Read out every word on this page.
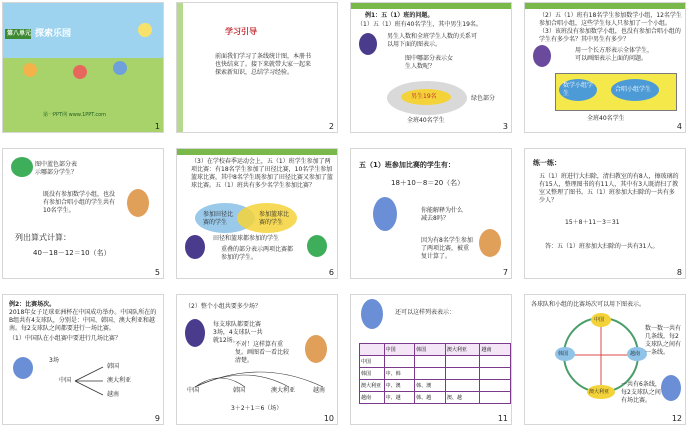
第八单元 探索乐园
第一PPT网 www.1PPT.com
1
学习引导
前面我们学习了条线统计图，本册书也快结束了。接下来就带大家一起来探索新知识，总结学习经验。
2
例1：五（1）班的问题。
（1）五（1）班有40名学生，其中男生19名。
男生人数和全班学生人数的关系可以用下面的图表示。
图中哪部分表示女生人数呢？
男生19名	绿色部分
全班40名学生
3
（2）五（1）班有18名学生参加数学小组，12名学生参加合唱小组，这些学生每人只参加了一个小组。
（3）该班没有参加数学小组，也没有参加合唱小组的学生有多少名？其中男生有多少？
用一个长方形表示全体学生，可以画图表示上面的问题。
数学小组学生
合唱小组学生
全班40名学生
4
图中蓝色部分表示哪部分学生？
既没有参加数学小组，也没有参加合唱小组的学生共有10名学生。
列出算式计算：
40－18－12＝10（名）
5
（3）在学校春季运动会上，五（1）班学生参加了两项比赛：有18名学生参加了田径比赛，10名学生参加篮球比赛，其中8名学生既参加了田径比赛又参加了篮球比赛。五（1）班共有多少名学生参加比赛？
参加田径比赛的学生
参加篮球比赛的学生
田径和篮球都参加的学生
重叠的部分表示两项比赛都参加的学生。
6
五（1）班参加比赛的学生有：
18＋10－8＝20（名）
你能解释为什么减去8吗？
因为有8名学生参加了两项比赛，被重复计算了。
7
练一练：
五（1）班进行大扫除，清扫教室的有8人，擦玻璃的有15人，整理图书的有11人，其中有3人既清扫了教室又整理了图书。五（1）班参加大扫除的一共有多少人？
15＋8＋11－3＝31
答：五（1）班参加大扫除的一共有31人。
8
例2：比赛场次。
2018年女子足球亚洲杯在中国成功举办。中国队所在的B组共有4支球队，分别是：中国、韩国、澳大利亚和越南。每2支球队之间都要进行一场比赛。
（1）中国队在小组赛中要进行几场比赛？
3场
中国
韩国
澳大利亚
越南
9
（2）整个小组共要多少场？
每支球队都要比赛3场，4支球队一共就12场。
不对！这样算有重复。画图看一看比较清楚。
中国	韩国	澳大利亚	越南
3＋2＋1＝6（场）
10
还可以这样列表表示：
	中国	韩国	澳大利亚	越南
中国				
韩国	中、韩			
澳大利亚	中、澳	韩、澳		
越南	中、越	韩、越	澳、越	
11
各球队和小组的比赛场次可以用下图表示。
中国
韩国	越南
澳大利亚
数一数一共有几条线，每2支球队之间有一条线。
一共有6条线，每2支球队之间有场比赛。
12
